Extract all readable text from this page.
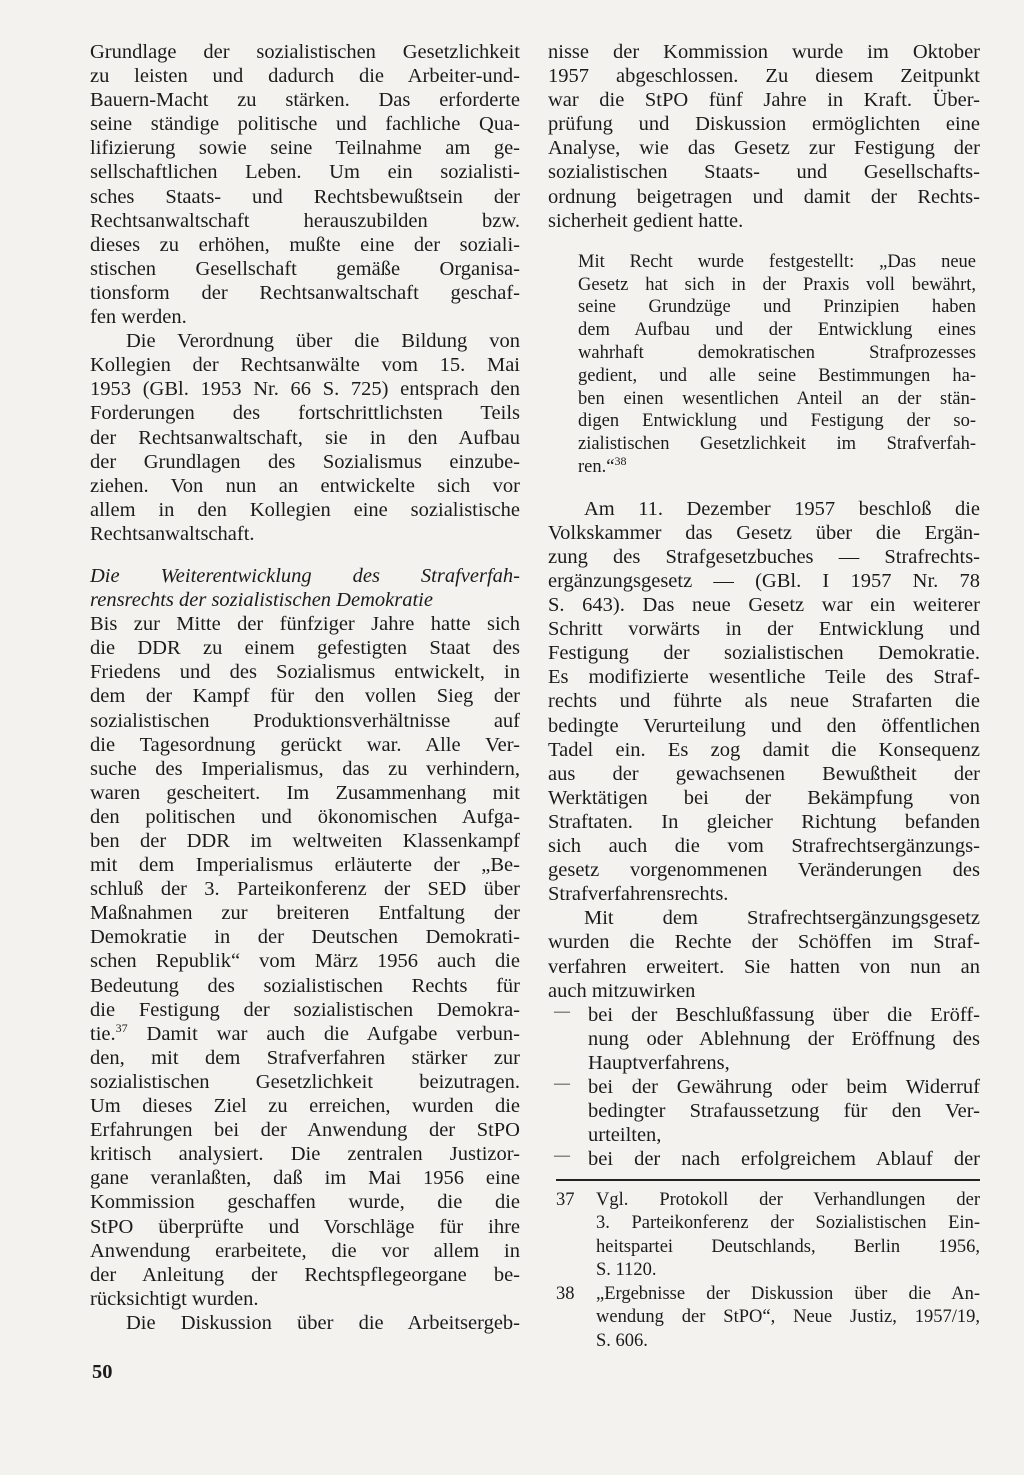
Grundlage der sozialistischen Gesetzlichkeit
zu leisten und dadurch die Arbeiter-und-
Bauern-Macht zu stärken. Das erforderte
seine ständige politische und fachliche Qua-
lifizierung sowie seine Teilnahme am ge-
sellschaftlichen Leben. Um ein sozialisti-
sches Staats- und Rechtsbewußtsein der
Rechtsanwaltschaft herauszubilden bzw.
dieses zu erhöhen, mußte eine der soziali-
stischen Gesellschaft gemäße Organisa-
tionsform der Rechtsanwaltschaft geschaf-
fen werden.
Die Verordnung über die Bildung von
Kollegien der Rechtsanwälte vom 15. Mai
1953 (GBl. 1953 Nr. 66 S. 725) entsprach den
Forderungen des fortschrittlichsten Teils
der Rechtsanwaltschaft, sie in den Aufbau
der Grundlagen des Sozialismus einzube-
ziehen. Von nun an entwickelte sich vor
allem in den Kollegien eine sozialistische
Rechtsanwaltschaft.
Die Weiterentwicklung des Strafverfah-
rensrechts der sozialistischen Demokratie
Bis zur Mitte der fünfziger Jahre hatte sich
die DDR zu einem gefestigten Staat des
Friedens und des Sozialismus entwickelt, in
dem der Kampf für den vollen Sieg der
sozialistischen Produktionsverhältnisse auf
die Tagesordnung gerückt war. Alle Ver-
suche des Imperialismus, das zu verhindern,
waren gescheitert. Im Zusammenhang mit
den politischen und ökonomischen Aufga-
ben der DDR im weltweiten Klassenkampf
mit dem Imperialismus erläuterte der „Be-
schluß der 3. Parteikonferenz der SED über
Maßnahmen zur breiteren Entfaltung der
Demokratie in der Deutschen Demokrati-
schen Republik“ vom März 1956 auch die
Bedeutung des sozialistischen Rechts für
die Festigung der sozialistischen Demokra-
tie.$^{37}$ Damit war auch die Aufgabe verbun-
den, mit dem Strafverfahren stärker zur
sozialistischen Gesetzlichkeit beizutragen.
Um dieses Ziel zu erreichen, wurden die
Erfahrungen bei der Anwendung der StPO
kritisch analysiert. Die zentralen Justizor-
gane veranlaßten, daß im Mai 1956 eine
Kommission geschaffen wurde, die die
StPO überprüfte und Vorschläge für ihre
Anwendung erarbeitete, die vor allem in
der Anleitung der Rechtspflegeorgane be-
rücksichtigt wurden.
Die Diskussion über die Arbeitsergeb-
nisse der Kommission wurde im Oktober
1957 abgeschlossen. Zu diesem Zeitpunkt
war die StPO fünf Jahre in Kraft. Über-
prüfung und Diskussion ermöglichten eine
Analyse, wie das Gesetz zur Festigung der
sozialistischen Staats- und Gesellschafts-
ordnung beigetragen und damit der Rechts-
sicherheit gedient hatte.
Mit Recht wurde festgestellt: „Das neue
Gesetz hat sich in der Praxis voll bewährt,
seine Grundzüge und Prinzipien haben
dem Aufbau und der Entwicklung eines
wahrhaft demokratischen Strafprozesses
gedient, und alle seine Bestimmungen ha-
ben einen wesentlichen Anteil an der stän-
digen Entwicklung und Festigung der so-
zialistischen Gesetzlichkeit im Strafverfah-
ren.“$^{38}$
Am 11. Dezember 1957 beschloß die
Volkskammer das Gesetz über die Ergän-
zung des Strafgesetzbuches — Strafrechts-
ergänzungsgesetz — (GBl. I 1957 Nr. 78
S. 643). Das neue Gesetz war ein weiterer
Schritt vorwärts in der Entwicklung und
Festigung der sozialistischen Demokratie.
Es modifizierte wesentliche Teile des Straf-
rechts und führte als neue Strafarten die
bedingte Verurteilung und den öffentlichen
Tadel ein. Es zog damit die Konsequenz
aus der gewachsenen Bewußtheit der
Werktätigen bei der Bekämpfung von
Straftaten. In gleicher Richtung befanden
sich auch die vom Strafrechtsergänzungs-
gesetz vorgenommenen Veränderungen des
Strafverfahrensrechts.
Mit dem Strafrechtsergänzungsgesetz
wurden die Rechte der Schöffen im Straf-
verfahren erweitert. Sie hatten von nun an
auch mitzuwirken
— bei der Beschlußfassung über die Eröff-
nung oder Ablehnung der Eröffnung des
Hauptverfahrens,
— bei der Gewährung oder beim Widerruf
bedingter Strafaussetzung für den Ver-
urteilten,
— bei der nach erfolgreichem Ablauf der
37	Vgl. Protokoll der Verhandlungen der
3. Parteikonferenz der Sozialistischen Ein-
heitspartei Deutschlands, Berlin 1956,
S. 1120.
38	„Ergebnisse der Diskussion über die An-
wendung der StPO“, Neue Justiz, 1957/19,
S. 606.
50
